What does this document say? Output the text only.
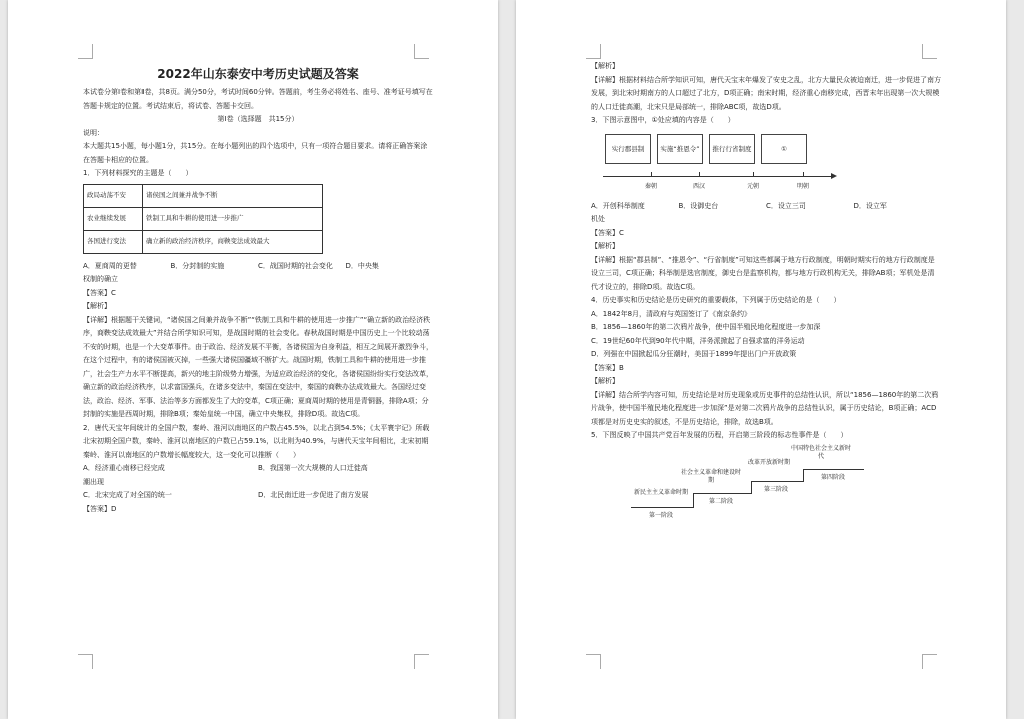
2022年山东泰安中考历史试题及答案

本试卷分第Ⅰ卷和第Ⅱ卷，共8页。满分50分，考试时间60分钟。答题前，考生务必将姓名、座号、准考证号填写在答题卡规定的位置。考试结束后，将试卷、答题卡交回。

第Ⅰ卷（选择题　共15分）

说明：

本大题共15小题，每小题1分，共15分。在每小题列出的四个选项中，只有一项符合题目要求。请将正确答案涂在答题卡相应的位置。

1．下列材料探究的主题是（　　）

政局动荡不安	诸侯国之间兼并战争不断
农业继续发展	铁制工具和牛耕的使用进一步推广
各国进行变法	确立新的政治经济秩序，商鞅变法成效最大
A．夏商周的更替	B．分封制的实施	C．战国时期的社会变化	D．中央集

权制的确立

【答案】C

【解析】

【详解】根据题干关键词，“诸侯国之间兼并战争不断”“铁制工具和牛耕的使用进一步推广”“确立新的政治经济秩序，商鞅变法成效最大”并结合所学知识可知，是战国时期的社会变化。春秋战国时期是中国历史上一个比较动荡不安的时期，也是一个大变革事件。由于政治、经济发展不平衡，各诸侯国为自身利益，相互之间展开激烈争斗，在这个过程中，有的诸侯国被灭掉，一些强大诸侯国疆域不断扩大。战国时期，铁制工具和牛耕的使用进一步推广，社会生产力水平不断提高，新兴的地主阶级势力增强，为适应政治经济的变化，各诸侯国纷纷实行变法改革，确立新的政治经济秩序，以求富国强兵，在诸多变法中，秦国在变法中，秦国的商鞅办法成效最大。各国经过变法，政治、经济、军事、法治等多方面都发生了大的变革，C项正确；夏商周时期的使用是青铜器，排除A项；分封制的实施是西周时期，排除B项；秦始皇统一中国，确立中央集权，排除D项。故选C项。

2．唐代天宝年间统计的全国户数，秦岭、淮河以南地区的户数占45.5%，以北占到54.5%；《太平寰宇记》所载北宋初期全国户数，秦岭、淮河以南地区的户数已占59.1%，以北则为40.9%，与唐代天宝年间相比，北宋初期秦岭、淮河以南地区的户数增长幅度较大，这一变化可以推断（　　）

A．经济重心南移已经完成	B．我国第一次大规模的人口迁徙高
潮出现
C．北宋完成了对全国的统一	D．北民南迁进一步促进了南方发展

【答案】D

【解析】

【详解】根据材料结合所学知识可知，唐代天宝末年爆发了安史之乱，北方大量民众被迫南迁，进一步促进了南方发展，到北宋时期南方的人口超过了北方，D项正确；南宋时期，经济重心南移完成，西晋末年出现第一次大规模的人口迁徙高潮，北宋只是局部统一，排除ABC项，故选D项。

3．下图示意图中，①处应填的内容是（　　）

实行郡县制	实施“推恩令”	推行行省制度	①
秦朝	西汉	元朝	明朝
A．开创科举制度	B．设御史台	C．设立三司	D．设立军

机处

【答案】C

【解析】

【详解】根据“郡县制”、“推恩令”、“行省制度”可知这些都属于地方行政制度，明朝时期实行的地方行政制度是设立三司，C项正确；科举制是选官制度，御史台是监察机构，都与地方行政机构无关，排除AB项；军机处是清代才设立的，排除D项。故选C项。

4．历史事实和历史结论是历史研究的重要载体，下列属于历史结论的是（　　）

A．1842年8月，清政府与英国签订了《南京条约》

B．1856—1860年的第二次鸦片战争，使中国半殖民地化程度进一步加深

C．19世纪60年代到90年代中期，洋务派掀起了自强求富的洋务运动

D．列强在中国掀起瓜分狂潮时，美国于1899年提出门户开放政策

【答案】B

【解析】

【详解】结合所学内容可知，历史结论是对历史现象或历史事件的总结性认识，所以“1856—1860年的第二次鸦片战争，使中国半殖民地化程度进一步加深”是对第二次鸦片战争的总结性认识，属于历史结论，B项正确；ACD项都是对历史史实的叙述，不是历史结论，排除，故选B项。

5．下图反映了中国共产党百年发展的历程，开启第三阶段的标志性事件是（　　）

新民主主义革命时期
社会主义革命和建设时期
改革开放新时期
中国特色社会主义新时代
第一阶段
第二阶段
第三阶段
第四阶段
